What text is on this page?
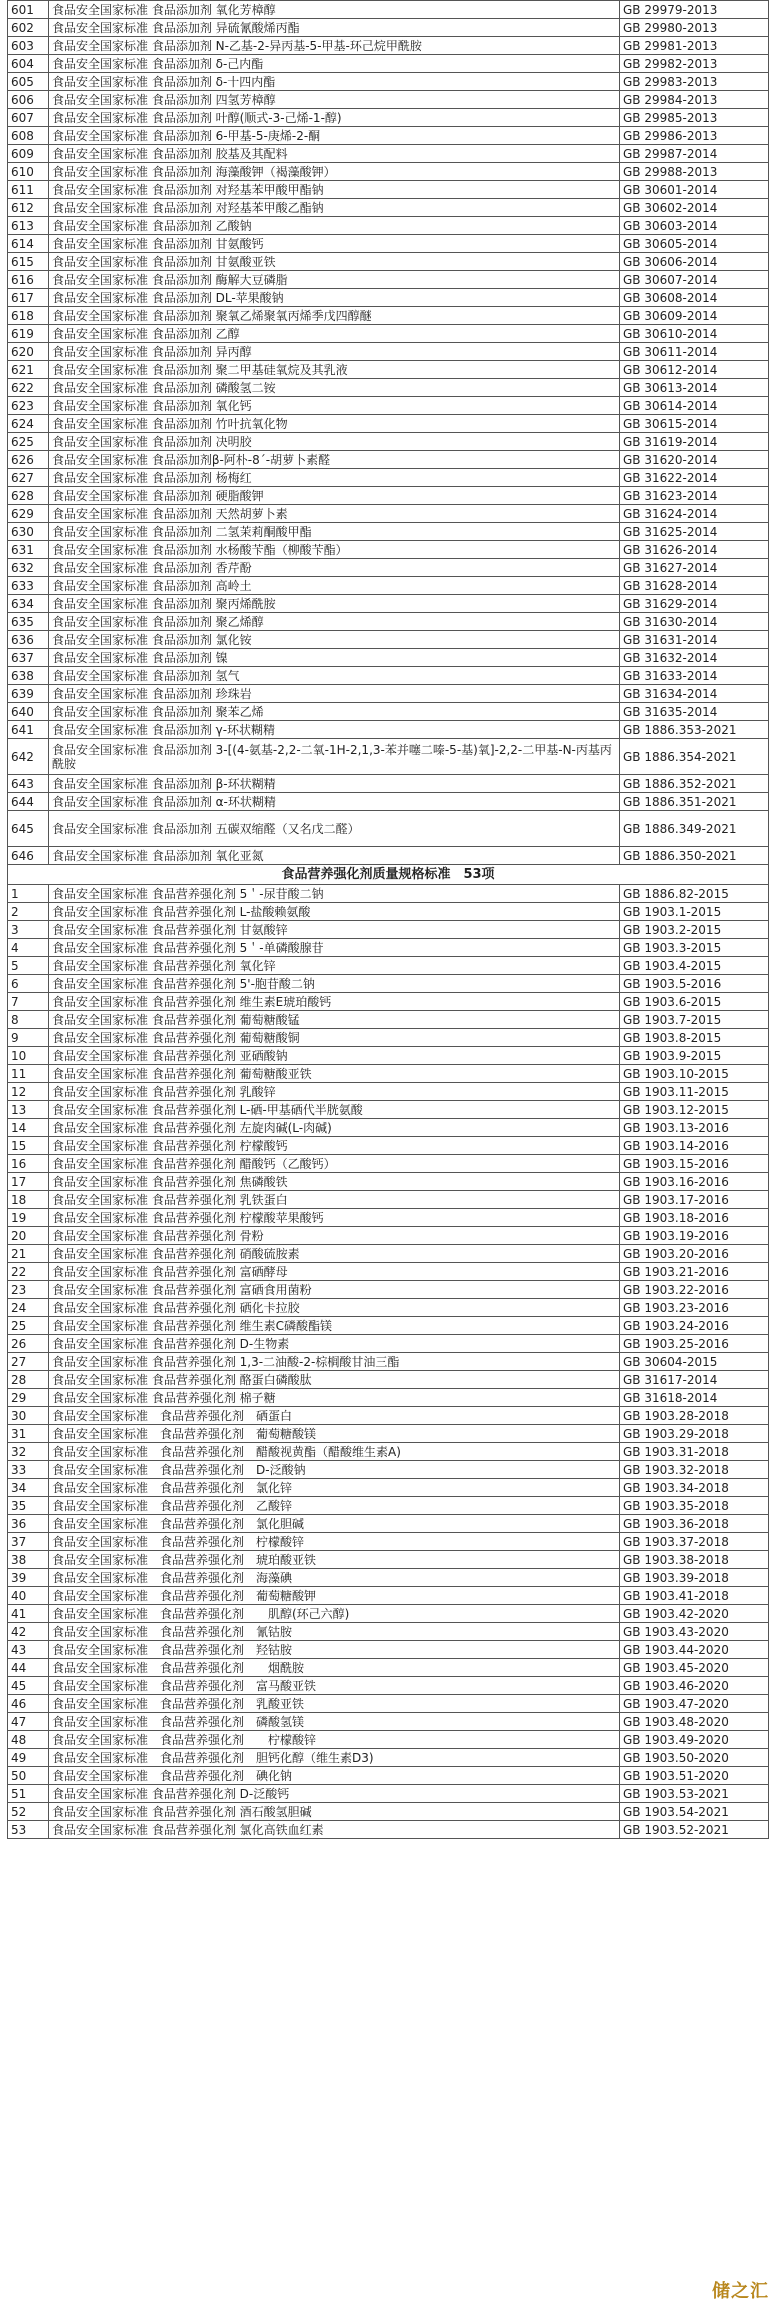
601	食品安全国家标准 食品添加剂 氧化芳樟醇	GB 29979-2013
602	食品安全国家标准 食品添加剂 异硫氰酸烯丙酯	GB 29980-2013
603	食品安全国家标准 食品添加剂 N-乙基-2-异丙基-5-甲基-环己烷甲酰胺	GB 29981-2013
604	食品安全国家标准 食品添加剂 δ-己内酯	GB 29982-2013
605	食品安全国家标准 食品添加剂 δ-十四内酯	GB 29983-2013
606	食品安全国家标准 食品添加剂 四氢芳樟醇	GB 29984-2013
607	食品安全国家标准 食品添加剂 叶醇(顺式-3-己烯-1-醇)	GB 29985-2013
608	食品安全国家标准 食品添加剂 6-甲基-5-庚烯-2-酮	GB 29986-2013
609	食品安全国家标准 食品添加剂 胶基及其配料	GB 29987-2014
610	食品安全国家标准 食品添加剂 海藻酸钾（褐藻酸钾）	GB 29988-2013
611	食品安全国家标准 食品添加剂 对羟基苯甲酸甲酯钠	GB 30601-2014
612	食品安全国家标准 食品添加剂 对羟基苯甲酸乙酯钠	GB 30602-2014
613	食品安全国家标准 食品添加剂 乙酸钠	GB 30603-2014
614	食品安全国家标准 食品添加剂 甘氨酸钙	GB 30605-2014
615	食品安全国家标准 食品添加剂 甘氨酸亚铁	GB 30606-2014
616	食品安全国家标准 食品添加剂 酶解大豆磷脂	GB 30607-2014
617	食品安全国家标准 食品添加剂 DL-苹果酸钠	GB 30608-2014
618	食品安全国家标准 食品添加剂 聚氧乙烯聚氧丙烯季戊四醇醚	GB 30609-2014
619	食品安全国家标准 食品添加剂 乙醇	GB 30610-2014
620	食品安全国家标准 食品添加剂 异丙醇	GB 30611-2014
621	食品安全国家标准 食品添加剂 聚二甲基硅氧烷及其乳液	GB 30612-2014
622	食品安全国家标准 食品添加剂 磷酸氢二铵	GB 30613-2014
623	食品安全国家标准 食品添加剂 氧化钙	GB 30614-2014
624	食品安全国家标准 食品添加剂 竹叶抗氧化物	GB 30615-2014
625	食品安全国家标准 食品添加剂 决明胶	GB 31619-2014
626	食品安全国家标准 食品添加剂β-阿朴-8´-胡萝卜素醛	GB 31620-2014
627	食品安全国家标准 食品添加剂 杨梅红	GB 31622-2014
628	食品安全国家标准 食品添加剂 硬脂酸钾	GB 31623-2014
629	食品安全国家标准 食品添加剂 天然胡萝卜素	GB 31624-2014
630	食品安全国家标准 食品添加剂 二氢茉莉酮酸甲酯	GB 31625-2014
631	食品安全国家标准 食品添加剂 水杨酸苄酯（柳酸苄酯）	GB 31626-2014
632	食品安全国家标准 食品添加剂 香芹酚	GB 31627-2014
633	食品安全国家标准 食品添加剂 高岭土	GB 31628-2014
634	食品安全国家标准 食品添加剂 聚丙烯酰胺	GB 31629-2014
635	食品安全国家标准 食品添加剂 聚乙烯醇	GB 31630-2014
636	食品安全国家标准 食品添加剂 氯化铵	GB 31631-2014
637	食品安全国家标准 食品添加剂 镍	GB 31632-2014
638	食品安全国家标准 食品添加剂 氢气	GB 31633-2014
639	食品安全国家标准 食品添加剂 珍珠岩	GB 31634-2014
640	食品安全国家标准 食品添加剂 聚苯乙烯	GB 31635-2014
641	食品安全国家标准 食品添加剂 γ-环状糊精	GB 1886.353-2021
642	食品安全国家标准 食品添加剂 3-[(4-氨基-2,2-二氧-1H-2,1,3-苯并噻二嗪-5-基)氧]-2,2-二甲基-N-丙基丙酰胺	GB 1886.354-2021
643	食品安全国家标准 食品添加剂 β-环状糊精	GB 1886.352-2021
644	食品安全国家标准 食品添加剂 α-环状糊精	GB 1886.351-2021
645	食品安全国家标准 食品添加剂 五碳双缩醛（又名戊二醛）	GB 1886.349-2021
646	食品安全国家标准 食品添加剂 氧化亚氮	GB 1886.350-2021
食品营养强化剂质量规格标准　53项		
1	食品安全国家标准 食品营养强化剂 5＇-尿苷酸二钠	GB 1886.82-2015
2	食品安全国家标准 食品营养强化剂 L-盐酸赖氨酸	GB 1903.1-2015
3	食品安全国家标准 食品营养强化剂 甘氨酸锌	GB 1903.2-2015
4	食品安全国家标准 食品营养强化剂 5＇-单磷酸腺苷	GB 1903.3-2015
5	食品安全国家标准 食品营养强化剂 氧化锌	GB 1903.4-2015
6	食品安全国家标准 食品营养强化剂 5'-胞苷酸二钠	GB 1903.5-2016
7	食品安全国家标准 食品营养强化剂 维生素E琥珀酸钙	GB 1903.6-2015
8	食品安全国家标准 食品营养强化剂 葡萄糖酸锰	GB 1903.7-2015
9	食品安全国家标准 食品营养强化剂 葡萄糖酸铜	GB 1903.8-2015
10	食品安全国家标准 食品营养强化剂 亚硒酸钠	GB 1903.9-2015
11	食品安全国家标准 食品营养强化剂 葡萄糖酸亚铁	GB 1903.10-2015
12	食品安全国家标准 食品营养强化剂 乳酸锌	GB 1903.11-2015
13	食品安全国家标准 食品营养强化剂 L-硒-甲基硒代半胱氨酸	GB 1903.12-2015
14	食品安全国家标准 食品营养强化剂 左旋肉碱(L-肉碱)	GB 1903.13-2016
15	食品安全国家标准 食品营养强化剂 柠檬酸钙	GB 1903.14-2016
16	食品安全国家标准 食品营养强化剂 醋酸钙（乙酸钙）	GB 1903.15-2016
17	食品安全国家标准 食品营养强化剂 焦磷酸铁	GB 1903.16-2016
18	食品安全国家标准 食品营养强化剂 乳铁蛋白	GB 1903.17-2016
19	食品安全国家标准 食品营养强化剂 柠檬酸苹果酸钙	GB 1903.18-2016
20	食品安全国家标准 食品营养强化剂 骨粉	GB 1903.19-2016
21	食品安全国家标准 食品营养强化剂 硝酸硫胺素	GB 1903.20-2016
22	食品安全国家标准 食品营养强化剂 富硒酵母	GB 1903.21-2016
23	食品安全国家标准 食品营养强化剂 富硒食用菌粉	GB 1903.22-2016
24	食品安全国家标准 食品营养强化剂 硒化卡拉胶	GB 1903.23-2016
25	食品安全国家标准 食品营养强化剂 维生素C磷酸酯镁	GB 1903.24-2016
26	食品安全国家标准 食品营养强化剂 D-生物素	GB 1903.25-2016
27	食品安全国家标准 食品营养强化剂 1,3-二油酸-2-棕榈酸甘油三酯	GB 30604-2015
28	食品安全国家标准 食品营养强化剂 酪蛋白磷酸肽	GB 31617-2014
29	食品安全国家标准 食品营养强化剂 棉子糖	GB 31618-2014
30	食品安全国家标准　食品营养强化剂　硒蛋白	GB 1903.28-2018
31	食品安全国家标准　食品营养强化剂　葡萄糖酸镁	GB 1903.29-2018
32	食品安全国家标准　食品营养强化剂　醋酸视黄酯（醋酸维生素A)	GB 1903.31-2018
33	食品安全国家标准　食品营养强化剂　D-泛酸钠	GB 1903.32-2018
34	食品安全国家标准　食品营养强化剂　氯化锌	GB 1903.34-2018
35	食品安全国家标准　食品营养强化剂　乙酸锌	GB 1903.35-2018
36	食品安全国家标准　食品营养强化剂　氯化胆碱	GB 1903.36-2018
37	食品安全国家标准　食品营养强化剂　柠檬酸锌	GB 1903.37-2018
38	食品安全国家标准　食品营养强化剂　琥珀酸亚铁	GB 1903.38-2018
39	食品安全国家标准　食品营养强化剂　海藻碘	GB 1903.39-2018
40	食品安全国家标准　食品营养强化剂　葡萄糖酸钾	GB 1903.41-2018
41	食品安全国家标准　食品营养强化剂　　肌醇(环己六醇)	GB 1903.42-2020
42	食品安全国家标准　食品营养强化剂　氰钴胺	GB 1903.43-2020
43	食品安全国家标准　食品营养强化剂　羟钴胺	GB 1903.44-2020
44	食品安全国家标准　食品营养强化剂　　烟酰胺	GB 1903.45-2020
45	食品安全国家标准　食品营养强化剂　富马酸亚铁	GB 1903.46-2020
46	食品安全国家标准　食品营养强化剂　乳酸亚铁	GB 1903.47-2020
47	食品安全国家标准　食品营养强化剂　磷酸氢镁	GB 1903.48-2020
48	食品安全国家标准　食品营养强化剂　　柠檬酸锌	GB 1903.49-2020
49	食品安全国家标准　食品营养强化剂　胆钙化醇（维生素D3)	GB 1903.50-2020
50	食品安全国家标准　食品营养强化剂　碘化钠	GB 1903.51-2020
51	食品安全国家标准 食品营养强化剂 D-泛酸钙	GB 1903.53-2021
52	食品安全国家标准 食品营养强化剂 酒石酸氢胆碱	GB 1903.54-2021
53	食品安全国家标准 食品营养强化剂 氯化高铁血红素	GB 1903.52-2021
储之汇
